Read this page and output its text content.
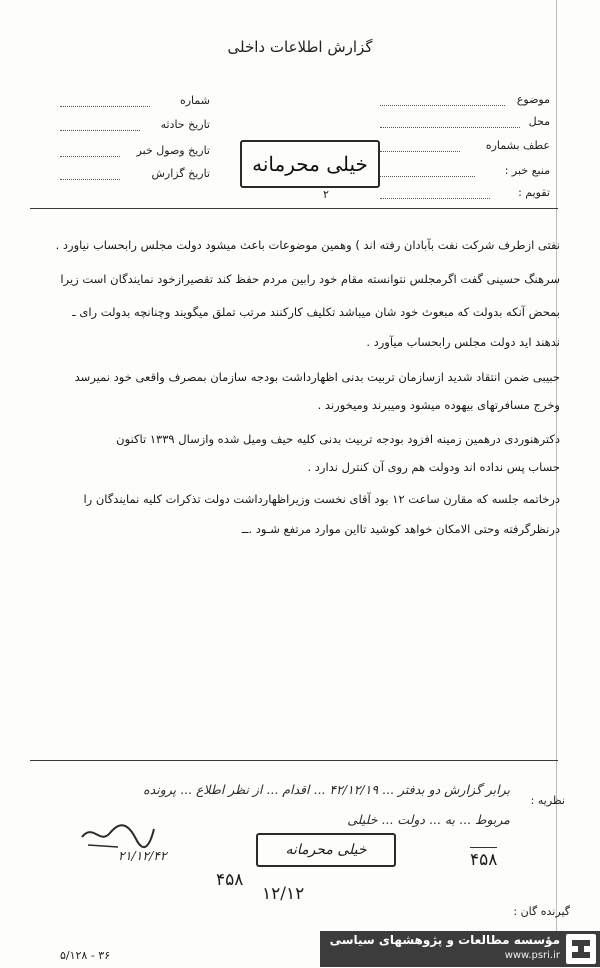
گزارش اطلاعات داخلی
شماره
تاریخ حادثه
تاریخ وصول خبر
تاریخ گزارش
موضوع
محل
عطف بشماره
منبع خبر :
تقویم :
خیلی محرمانه
۲
نفتی ازطرف شرکت نفت بآبادان رفته اند ) وهمین موضوعات باعث میشود دولت مجلس رابحساب نیاورد .
سرهنگ حسینی گفت اگرمجلس نتوانسته مقام خود رابین مردم حفظ کند تقصیرازخود نمایندگان است زیرا
بمحض آنکه بدولت که مبعوث خود شان میباشد تکلیف کارکنند مرتب تملق میگویند وچنانچه بدولت رای ـ
ندهند اید دولت مجلس رابحساب میآورد .
حبیبی ضمن انتقاد شدید ازسازمان تربیت بدنی اظهارداشت بودجه سازمان بمصرف واقعی خود نمیرسد
وخرج مسافرتهای بیهوده میشود ومیبرند ومیخورند .
دکترهنوردی درهمین زمینه افزود بودجه تربیت بدنی کلیه حیف ومیل شده وازسال ۱۳۳۹ تاکنون
حساب پس نداده اند ودولت هم روی آن کنترل ندارد .
درخاتمه جلسه که مقارن ساعت ۱۲ بود آقای نخست وزیراظهارداشت دولت تذکرات کلیه نمایندگان را
درنظرگرفته وحتی الامکان خواهد کوشید تااین موارد مرتفع شـود .ــ
نظریه :
برابر گزارش دو بدفتر ... ۴۲/۱۲/۱۹ ... اقدام ... از نظر اطلاع ... پرونده
مربوط ... به ... دولت ... خلیلی
۲۱/۱۲/۴۲	خیلی محرمانه	۴۵۸
۴۵۸
۱۲/۱۲
گیرنده گان :
۵/۱۲۸ - ۳۶
مؤسسه مطالعات و پژوهشهای سیاسی
www.psri.ir
